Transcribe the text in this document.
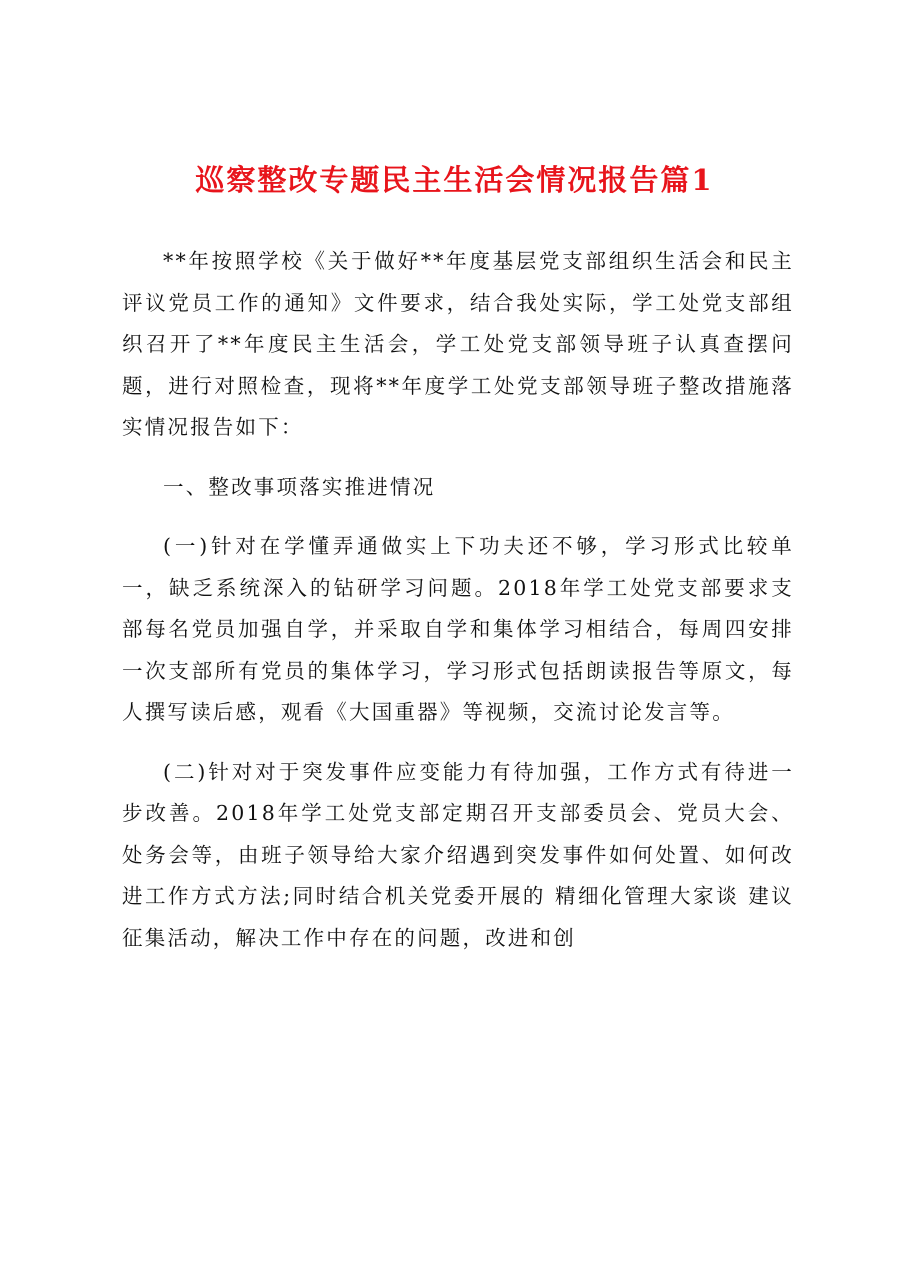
巡察整改专题民主生活会情况报告篇1

**年按照学校《关于做好**年度基层党支部组织生活会和民主评议党员工作的通知》文件要求，结合我处实际，学工处党支部组织召开了**年度民主生活会，学工处党支部领导班子认真查摆问题，进行对照检查，现将**年度学工处党支部领导班子整改措施落实情况报告如下：

一、整改事项落实推进情况

(一)针对在学懂弄通做实上下功夫还不够，学习形式比较单一，缺乏系统深入的钻研学习问题。2018年学工处党支部要求支部每名党员加强自学，并采取自学和集体学习相结合，每周四安排一次支部所有党员的集体学习，学习形式包括朗读报告等原文，每人撰写读后感，观看《大国重器》等视频，交流讨论发言等。

(二)针对对于突发事件应变能力有待加强，工作方式有待进一步改善。2018年学工处党支部定期召开支部委员会、党员大会、处务会等，由班子领导给大家介绍遇到突发事件如何处置、如何改进工作方式方法;同时结合机关党委开展的 精细化管理大家谈 建议征集活动，解决工作中存在的问题，改进和创
